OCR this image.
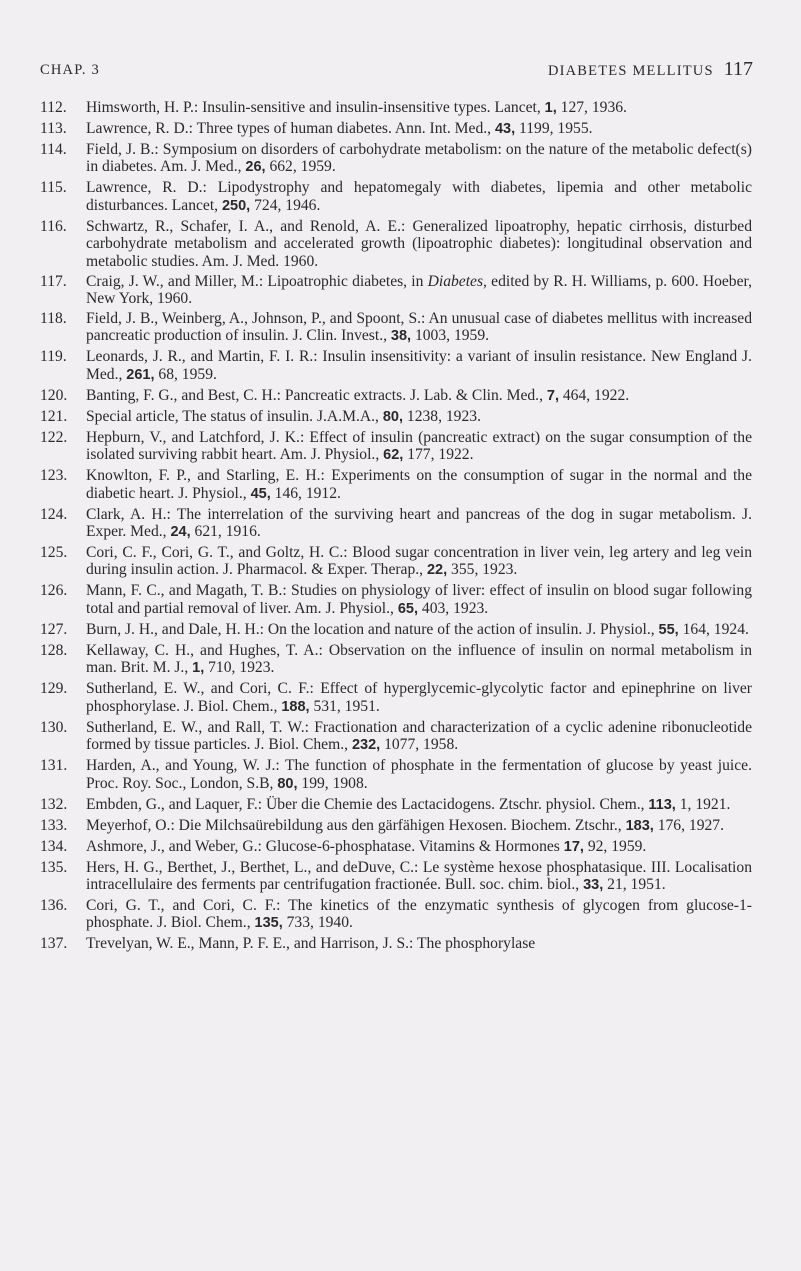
CHAP. 3	DIABETES MELLITUS 117
112. Himsworth, H. P.: Insulin-sensitive and insulin-insensitive types. Lancet, 1, 127, 1936.
113. Lawrence, R. D.: Three types of human diabetes. Ann. Int. Med., 43, 1199, 1955.
114. Field, J. B.: Symposium on disorders of carbohydrate metabolism: on the nature of the metabolic defect(s) in diabetes. Am. J. Med., 26, 662, 1959.
115. Lawrence, R. D.: Lipodystrophy and hepatomegaly with diabetes, lipemia and other metabolic disturbances. Lancet, 250, 724, 1946.
116. Schwartz, R., Schafer, I. A., and Renold, A. E.: Generalized lipoatrophy, hepatic cirrhosis, disturbed carbohydrate metabolism and accelerated growth (lipoatrophic diabetes): longitudinal observation and metabolic studies. Am. J. Med. 1960.
117. Craig, J. W., and Miller, M.: Lipoatrophic diabetes, in Diabetes, edited by R. H. Williams, p. 600. Hoeber, New York, 1960.
118. Field, J. B., Weinberg, A., Johnson, P., and Spoont, S.: An unusual case of diabetes mellitus with increased pancreatic production of insulin. J. Clin. Invest., 38, 1003, 1959.
119. Leonards, J. R., and Martin, F. I. R.: Insulin insensitivity: a variant of insulin resistance. New England J. Med., 261, 68, 1959.
120. Banting, F. G., and Best, C. H.: Pancreatic extracts. J. Lab. & Clin. Med., 7, 464, 1922.
121. Special article, The status of insulin. J.A.M.A., 80, 1238, 1923.
122. Hepburn, V., and Latchford, J. K.: Effect of insulin (pancreatic extract) on the sugar consumption of the isolated surviving rabbit heart. Am. J. Physiol., 62, 177, 1922.
123. Knowlton, F. P., and Starling, E. H.: Experiments on the consumption of sugar in the normal and the diabetic heart. J. Physiol., 45, 146, 1912.
124. Clark, A. H.: The interrelation of the surviving heart and pancreas of the dog in sugar metabolism. J. Exper. Med., 24, 621, 1916.
125. Cori, C. F., Cori, G. T., and Goltz, H. C.: Blood sugar concentration in liver vein, leg artery and leg vein during insulin action. J. Pharmacol. & Exper. Therap., 22, 355, 1923.
126. Mann, F. C., and Magath, T. B.: Studies on physiology of liver: effect of insulin on blood sugar following total and partial removal of liver. Am. J. Physiol., 65, 403, 1923.
127. Burn, J. H., and Dale, H. H.: On the location and nature of the action of insulin. J. Physiol., 55, 164, 1924.
128. Kellaway, C. H., and Hughes, T. A.: Observation on the influence of insulin on normal metabolism in man. Brit. M. J., 1, 710, 1923.
129. Sutherland, E. W., and Cori, C. F.: Effect of hyperglycemic-glycolytic factor and epinephrine on liver phosphorylase. J. Biol. Chem., 188, 531, 1951.
130. Sutherland, E. W., and Rall, T. W.: Fractionation and characterization of a cyclic adenine ribonucleotide formed by tissue particles. J. Biol. Chem., 232, 1077, 1958.
131. Harden, A., and Young, W. J.: The function of phosphate in the fermentation of glucose by yeast juice. Proc. Roy. Soc., London, S.B, 80, 199, 1908.
132. Embden, G., and Laquer, F.: Über die Chemie des Lactacidogens. Ztschr. physiol. Chem., 113, 1, 1921.
133. Meyerhof, O.: Die Milchsaürebildung aus den gärfähigen Hexosen. Biochem. Ztschr., 183, 176, 1927.
134. Ashmore, J., and Weber, G.: Glucose-6-phosphatase. Vitamins & Hormones 17, 92, 1959.
135. Hers, H. G., Berthet, J., Berthet, L., and deDuve, C.: Le système hexose phosphatasique. III. Localisation intracellulaire des ferments par centrifugation fractionée. Bull. soc. chim. biol., 33, 21, 1951.
136. Cori, G. T., and Cori, C. F.: The kinetics of the enzymatic synthesis of glycogen from glucose-1-phosphate. J. Biol. Chem., 135, 733, 1940.
137. Trevelyan, W. E., Mann, P. F. E., and Harrison, J. S.: The phosphorylase
